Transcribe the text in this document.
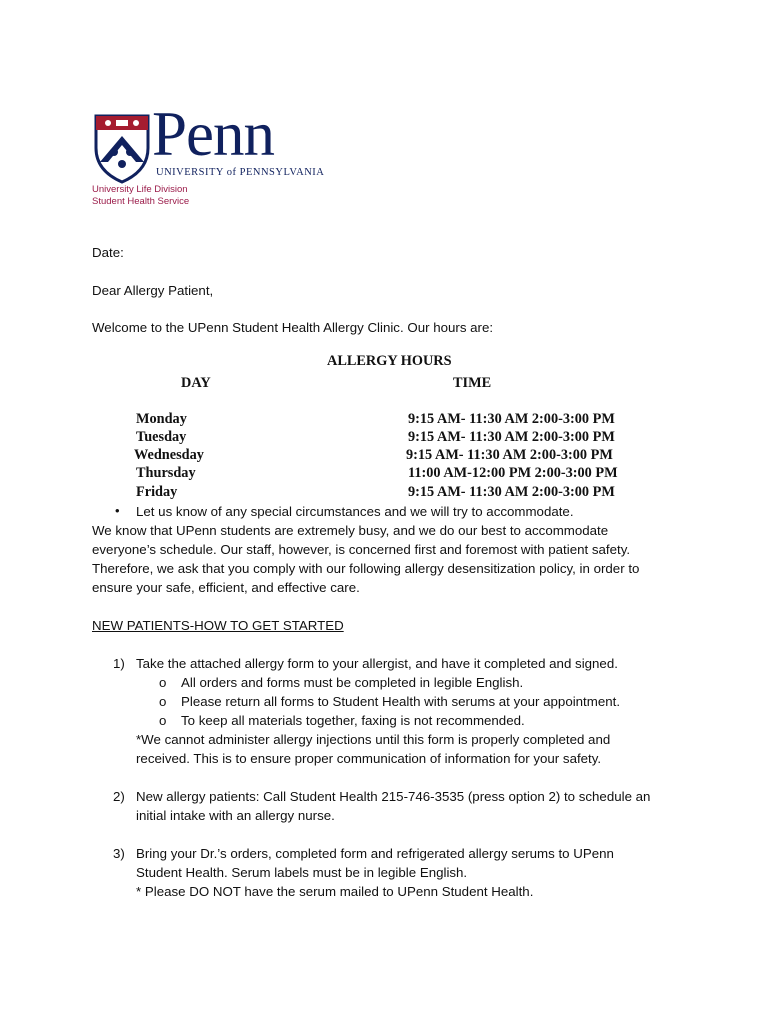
Penn
UNIVERSITY of PENNSYLVANIA
University Life Division
Student Health Service
Date:
Dear Allergy Patient,
Welcome to the UPenn Student Health Allergy Clinic. Our hours are:
ALLERGY HOURS
DAY	TIME
Monday	9:15 AM- 11:30 AM 2:00-3:00 PM
Tuesday	9:15 AM- 11:30 AM 2:00-3:00 PM
Wednesday	9:15 AM- 11:30 AM 2:00-3:00 PM
Thursday	11:00 AM-12:00 PM 2:00-3:00 PM
Friday	9:15 AM- 11:30 AM 2:00-3:00 PM
• Let us know of any special circumstances and we will try to accommodate.
We know that UPenn students are extremely busy, and we do our best to accommodate
everyone’s schedule. Our staff, however, is concerned first and foremost with patient safety.
Therefore, we ask that you comply with our following allergy desensitization policy, in order to
ensure your safe, efficient, and effective care.
NEW PATIENTS-HOW TO GET STARTED
1) Take the attached allergy form to your allergist, and have it completed and signed.
o All orders and forms must be completed in legible English.
o Please return all forms to Student Health with serums at your appointment.
o To keep all materials together, faxing is not recommended.
*We cannot administer allergy injections until this form is properly completed and
received. This is to ensure proper communication of information for your safety.
2) New allergy patients: Call Student Health 215-746-3535 (press option 2) to schedule an
initial intake with an allergy nurse.
3) Bring your Dr.’s orders, completed form and refrigerated allergy serums to UPenn
Student Health. Serum labels must be in legible English.
* Please DO NOT have the serum mailed to UPenn Student Health.
